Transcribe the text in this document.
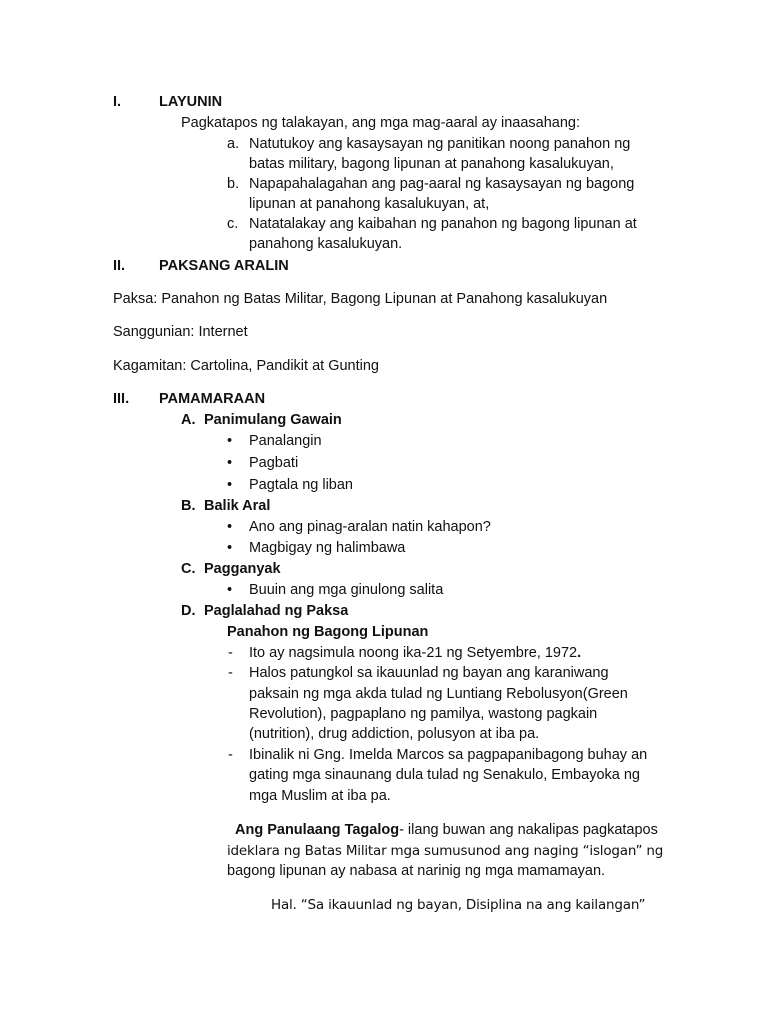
I.	LAYUNIN
Pagkatapos ng talakayan, ang mga mag-aaral ay inaasahang:
a. Natutukoy ang kasaysayan ng panitikan noong panahon ng
batas military, bagong lipunan at panahong kasalukuyan,
b. Napapahalagahan ang pag-aaral ng kasaysayan ng bagong
lipunan at panahong kasalukuyan, at,
c. Natatalakay ang kaibahan ng panahon ng bagong lipunan at
panahong kasalukuyan.
II. PAKSANG ARALIN
Paksa: Panahon ng Batas Militar, Bagong Lipunan at Panahong kasalukuyan
Sanggunian: Internet
Kagamitan: Cartolina, Pandikit at Gunting
III. PAMAMARAAN
A. Panimulang Gawain
• Panalangin
• Pagbati
• Pagtala ng liban
B. Balik Aral
• Ano ang pinag-aralan natin kahapon?
• Magbigay ng halimbawa
C. Pagganyak
• Buuin ang mga ginulong salita
D. Paglalahad ng Paksa
Panahon ng Bagong Lipunan
- Ito ay nagsimula noong ika-21 ng Setyembre, 1972.
- Halos patungkol sa ikauunlad ng bayan ang karaniwang
paksain ng mga akda tulad ng Luntiang Rebolusyon(Green
Revolution), pagpaplano ng pamilya, wastong pagkain
(nutrition), drug addiction, polusyon at iba pa.
- Ibinalik ni Gng. Imelda Marcos sa pagpapanibagong buhay an
gating mga sinaunang dula tulad ng Senakulo, Embayoka ng
mga Muslim at iba pa.
Ang Panulaang Tagalog- ilang buwan ang nakalipas pagkatapos
ideklara ng Batas Militar mga sumusunod ang naging “islogan” ng
bagong lipunan ay nabasa at narinig ng mga mamamayan.
Hal. “Sa ikauunlad ng bayan, Disiplina na ang kailangan”
